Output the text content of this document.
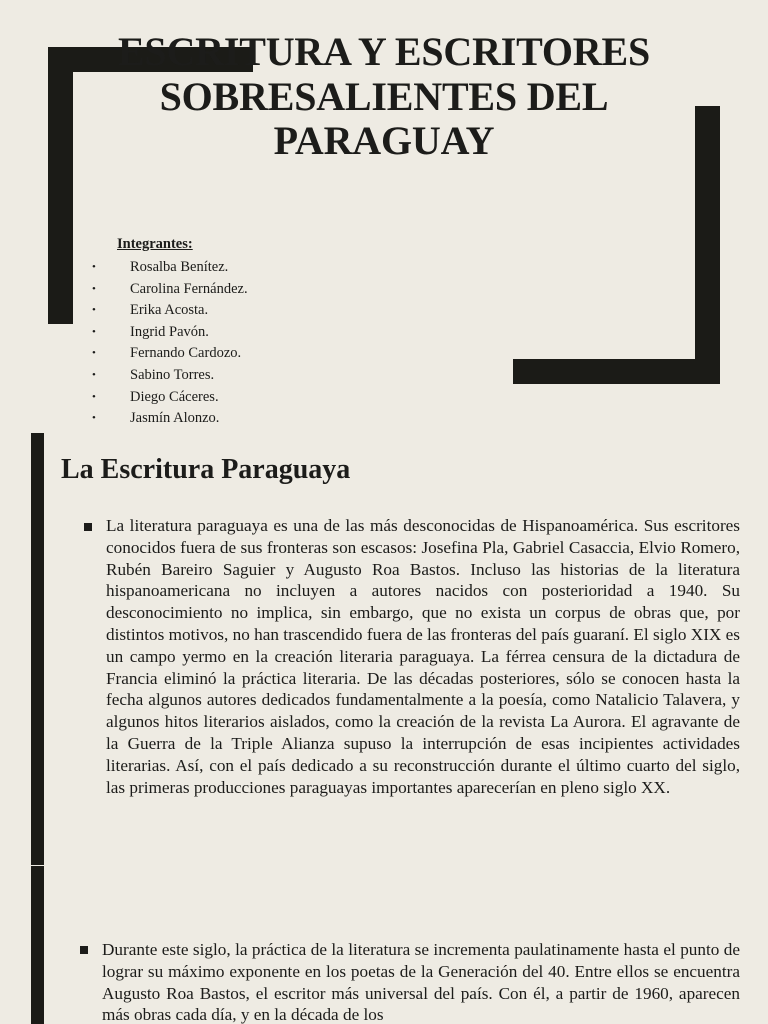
ESCRITURA Y ESCRITORES SOBRESALIENTES DEL PARAGUAY
Integrantes:
• Rosalba Benítez.
• Carolina Fernández.
• Erika Acosta.
• Ingrid Pavón.
• Fernando Cardozo.
• Sabino Torres.
• Diego Cáceres.
• Jasmín Alonzo.
La Escritura Paraguaya

La literatura paraguaya es una de las más desconocidas de Hispanoamérica. Sus escritores conocidos fuera de sus fronteras son escasos: Josefina Pla, Gabriel Casaccia, Elvio Romero, Rubén Bareiro Saguier y Augusto Roa Bastos. Incluso las historias de la literatura hispanoamericana no incluyen a autores nacidos con posterioridad a 1940. Su desconocimiento no implica, sin embargo, que no exista un corpus de obras que, por distintos motivos, no han trascendido fuera de las fronteras del país guaraní. El siglo XIX es un campo yermo en la creación literaria paraguaya. La férrea censura de la dictadura de Francia eliminó la práctica literaria. De las décadas posteriores, sólo se conocen hasta la fecha algunos autores dedicados fundamentalmente a la poesía, como Natalicio Talavera, y algunos hitos literarios aislados, como la creación de la revista La Aurora. El agravante de la Guerra de la Triple Alianza supuso la interrupción de esas incipientes actividades literarias. Así, con el país dedicado a su reconstrucción durante el último cuarto del siglo, las primeras producciones paraguayas importantes aparecerían en pleno siglo XX.

Durante este siglo, la práctica de la literatura se incrementa paulatinamente hasta el punto de lograr su máximo exponente en los poetas de la Generación del 40. Entre ellos se encuentra Augusto Roa Bastos, el escritor más universal del país. Con él, a partir de 1960, aparecen más obras cada día, y en la década de los
